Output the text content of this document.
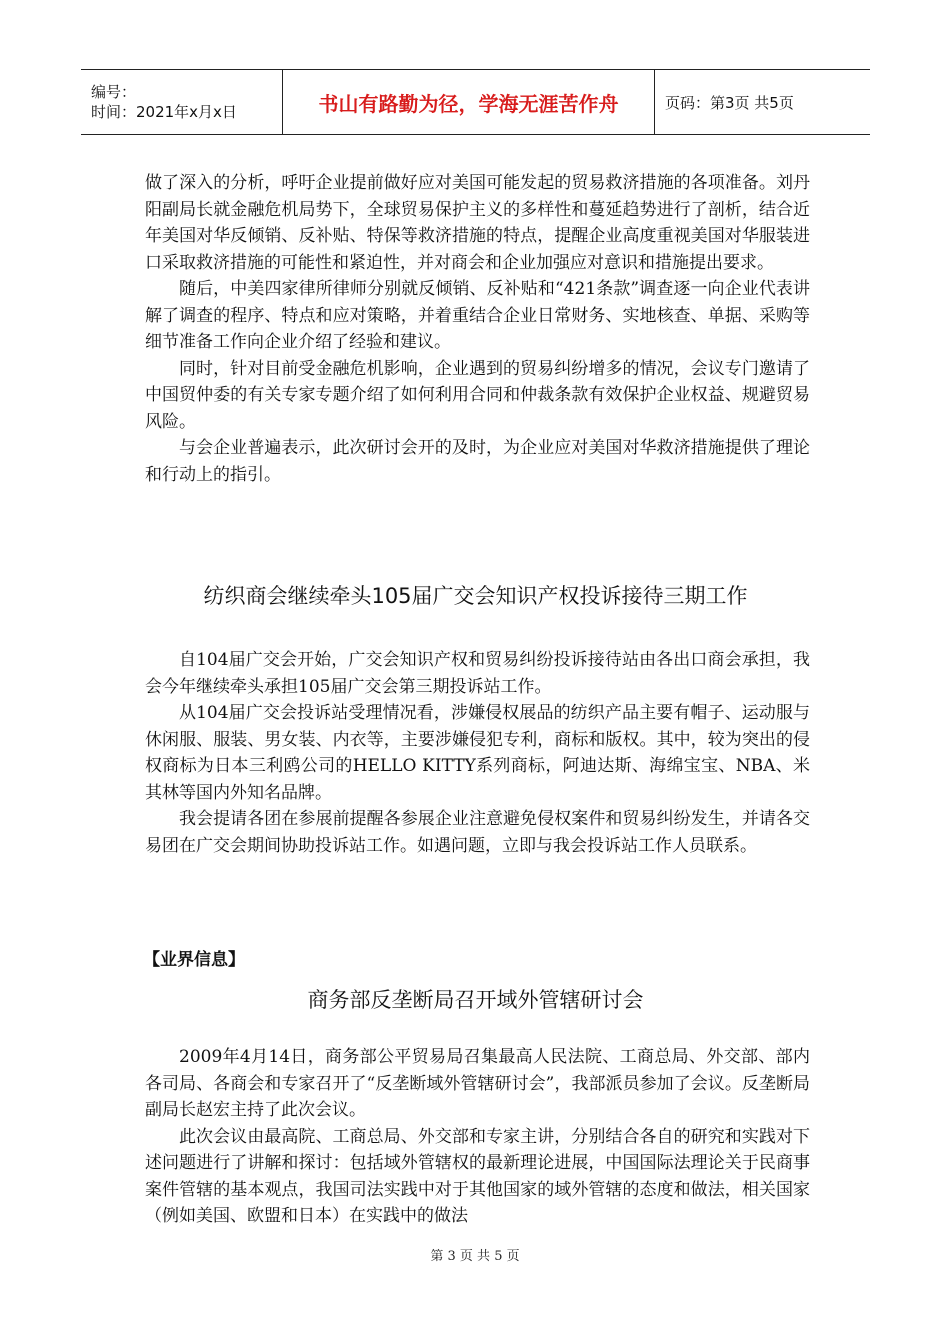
编号：
时间：2021年x月x日	书山有路勤为径，学海无涯苦作舟	页码：第3页 共5页

做了深入的分析，呼吁企业提前做好应对美国可能发起的贸易救济措施的各项准备。刘丹阳副局长就金融危机局势下，全球贸易保护主义的多样性和蔓延趋势进行了剖析，结合近年美国对华反倾销、反补贴、特保等救济措施的特点，提醒企业高度重视美国对华服装进口采取救济措施的可能性和紧迫性，并对商会和企业加强应对意识和措施提出要求。

随后，中美四家律所律师分别就反倾销、反补贴和“421条款”调查逐一向企业代表讲解了调查的程序、特点和应对策略，并着重结合企业日常财务、实地核查、单据、采购等细节准备工作向企业介绍了经验和建议。

同时，针对目前受金融危机影响，企业遇到的贸易纠纷增多的情况，会议专门邀请了中国贸仲委的有关专家专题介绍了如何利用合同和仲裁条款有效保护企业权益、规避贸易风险。

与会企业普遍表示，此次研讨会开的及时，为企业应对美国对华救济措施提供了理论和行动上的指引。

纺织商会继续牵头105届广交会知识产权投诉接待三期工作

自104届广交会开始，广交会知识产权和贸易纠纷投诉接待站由各出口商会承担，我会今年继续牵头承担105届广交会第三期投诉站工作。

从104届广交会投诉站受理情况看，涉嫌侵权展品的纺织产品主要有帽子、运动服与休闲服、服装、男女装、内衣等，主要涉嫌侵犯专利，商标和版权。其中，较为突出的侵权商标为日本三利鸥公司的HELLO KITTY系列商标，阿迪达斯、海绵宝宝、NBA、米其林等国内外知名品牌。

我会提请各团在参展前提醒各参展企业注意避免侵权案件和贸易纠纷发生，并请各交易团在广交会期间协助投诉站工作。如遇问题，立即与我会投诉站工作人员联系。

【业界信息】
商务部反垄断局召开域外管辖研讨会

2009年4月14日，商务部公平贸易局召集最高人民法院、工商总局、外交部、部内各司局、各商会和专家召开了“反垄断域外管辖研讨会”，我部派员参加了会议。反垄断局副局长赵宏主持了此次会议。

此次会议由最高院、工商总局、外交部和专家主讲，分别结合各自的研究和实践对下述问题进行了讲解和探讨：包括域外管辖权的最新理论进展，中国国际法理论关于民商事案件管辖的基本观点，我国司法实践中对于其他国家的域外管辖的态度和做法，相关国家（例如美国、欧盟和日本）在实践中的做法

第 3 页 共 5 页
